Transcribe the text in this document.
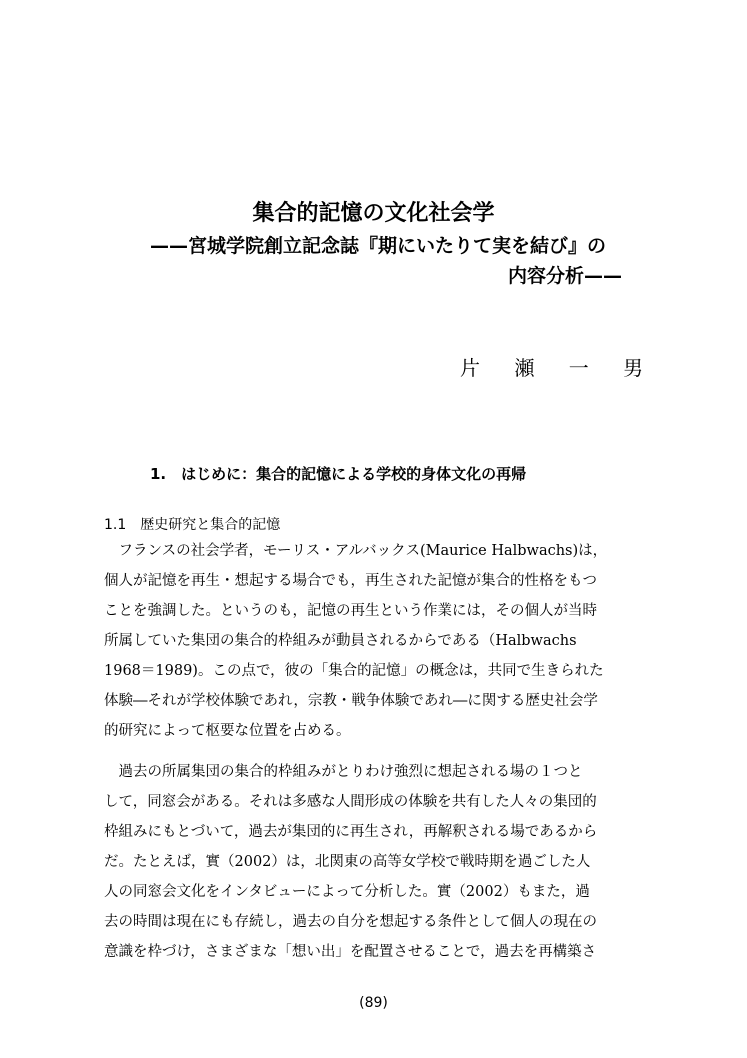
集合的記憶の文化社会学
——宮城学院創立記念誌『期にいたりて実を結び』の
内容分析——
片 瀬 一 男
1.　はじめに：集合的記憶による学校的身体文化の再帰
1.1　歴史研究と集合的記憶
　フランスの社会学者，モーリス・アルバックス(Maurice Halbwachs)は，
個人が記憶を再生・想起する場合でも，再生された記憶が集合的性格をもつ
ことを強調した。というのも，記憶の再生という作業には，その個人が当時
所属していた集団の集合的枠組みが動員されるからである（Halbwachs
1968＝1989)。この点で，彼の「集合的記憶」の概念は，共同で生きられた
体験―それが学校体験であれ，宗教・戦争体験であれ―に関する歴史社会学
的研究によって枢要な位置を占める。
　過去の所属集団の集合的枠組みがとりわけ強烈に想起される場の１つと
して，同窓会がある。それは多感な人間形成の体験を共有した人々の集団的
枠組みにもとづいて，過去が集団的に再生され，再解釈される場であるから
だ。たとえば，實（2002）は，北関東の高等女学校で戦時期を過ごした人
人の同窓会文化をインタビューによって分析した。實（2002）もまた，過
去の時間は現在にも存続し，過去の自分を想起する条件として個人の現在の
意識を枠づけ，さまざまな「想い出」を配置させることで，過去を再構築さ
(89)
